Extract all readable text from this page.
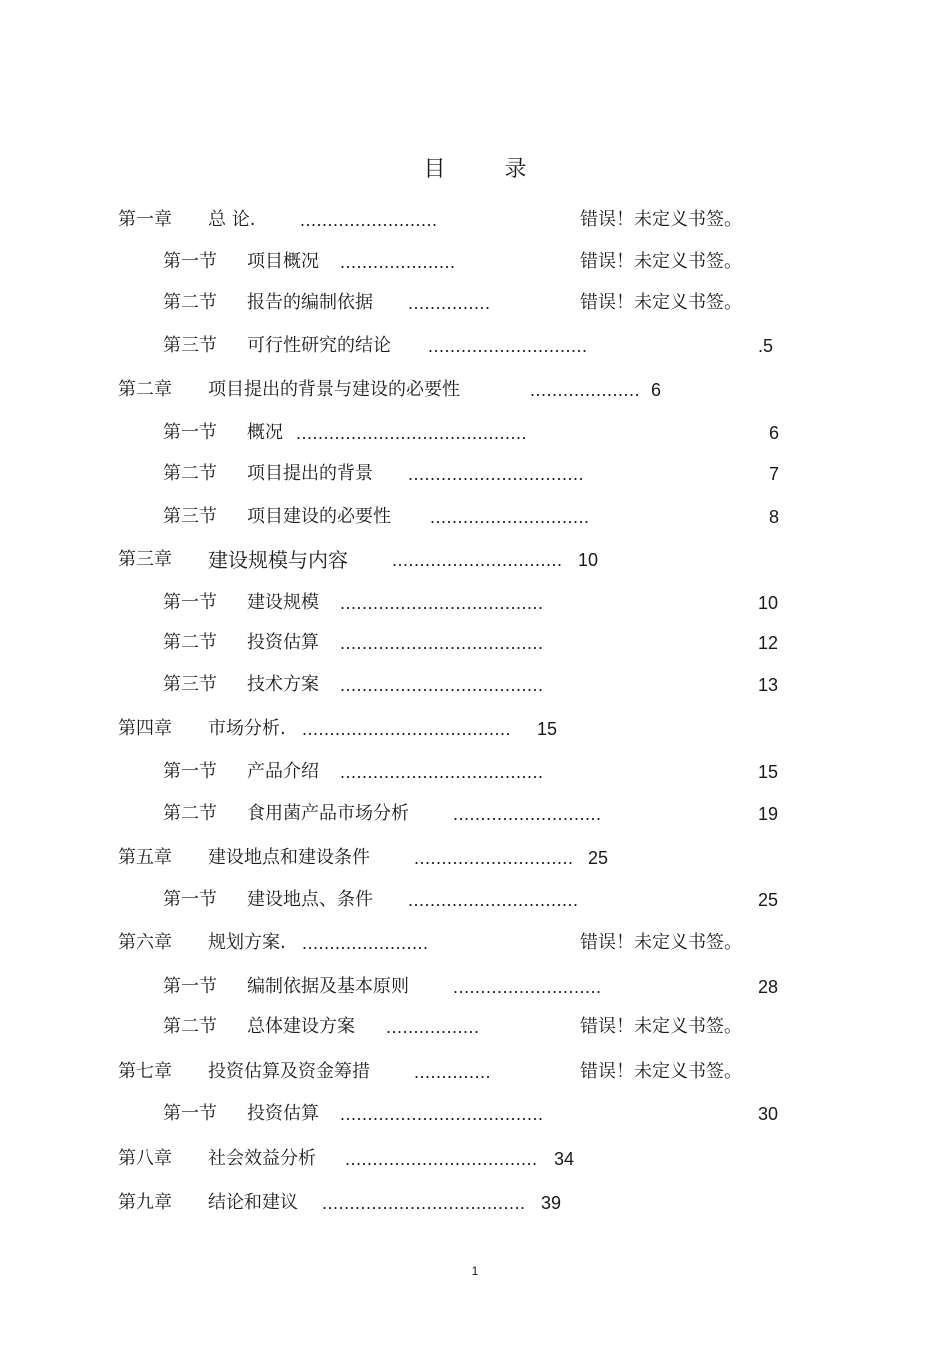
目 录
第一章 总 论. .........................	错误！未定义书签。
第一节 项目概况 .....................	错误！未定义书签。
第二节 报告的编制依据 ...............	错误！未定义书签。
第三节 可行性研究的结论 .............................	.5
第二章 项目提出的背景与建设的必要性	.................... 6
第一节 概况 ..........................................	6
第二节 项目提出的背景 ................................	7
第三节 项目建设的必要性 .............................	8
第三章 建设规模与内容 ............................... 10
第一节 建设规模 .....................................	10
第二节 投资估算 .....................................	12
第三节 技术方案 .....................................	13
第四章 市场分析. ...................................... 15
第一节 产品介绍 .....................................	15
第二节 食用菌产品市场分析 ...........................	19
第五章 建设地点和建设条件 ............................. 25
第一节 建设地点、条件 ...............................	25
第六章 规划方案. .......................	错误！未定义书签。
第一节 编制依据及基本原则 ...........................	28
第二节 总体建设方案 .................	错误！未定义书签。
第七章 投资估算及资金筹措 ..............	错误！未定义书签。
第一节 投资估算 .....................................	30
第八章 社会效益分析 ................................... 34
第九章 结论和建议 ..................................... 39
1
